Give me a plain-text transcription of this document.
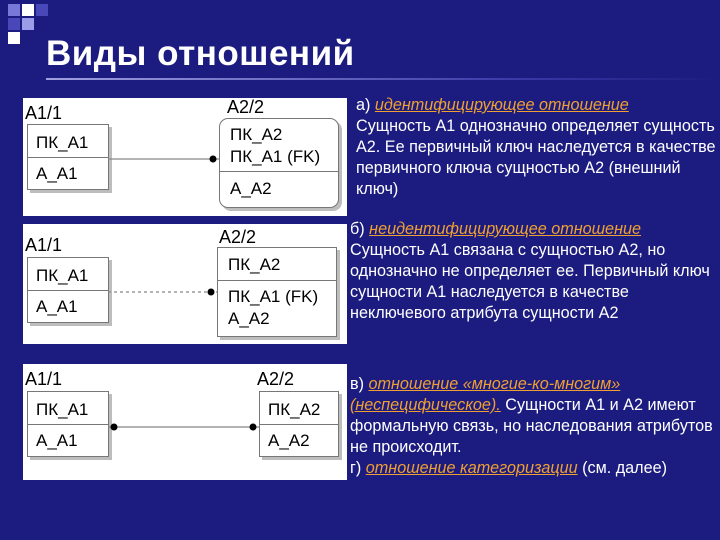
Виды отношений
A1/1
ПК_A1
A_A1
A2/2
ПК_A2
ПК_A1 (FK)
A_A2
A1/1
ПК_A1
A_A1
A2/2
ПК_A2
ПК_A1 (FK)
A_A2
A1/1
ПК_A1
A_A1
A2/2
ПК_A2
A_A2

а) идентифицирующее отношение

Сущность А1 однозначно определяет сущность А2. Ее первичный ключ наследуется в качестве первичного ключа сущностью А2 (внешний ключ)

б) неидентифицирующее отношение

Сущность А1 связана с сущностью А2, но однозначно не определяет ее. Первичный ключ сущности А1 наследуется в качестве неключевого атрибута сущности А2

в) отношение «многие-ко-многим» (неспецифическое). Сущности А1 и А2 имеют формальную связь, но наследования атрибутов не происходит.

г) отношение категоризации (см. далее)
